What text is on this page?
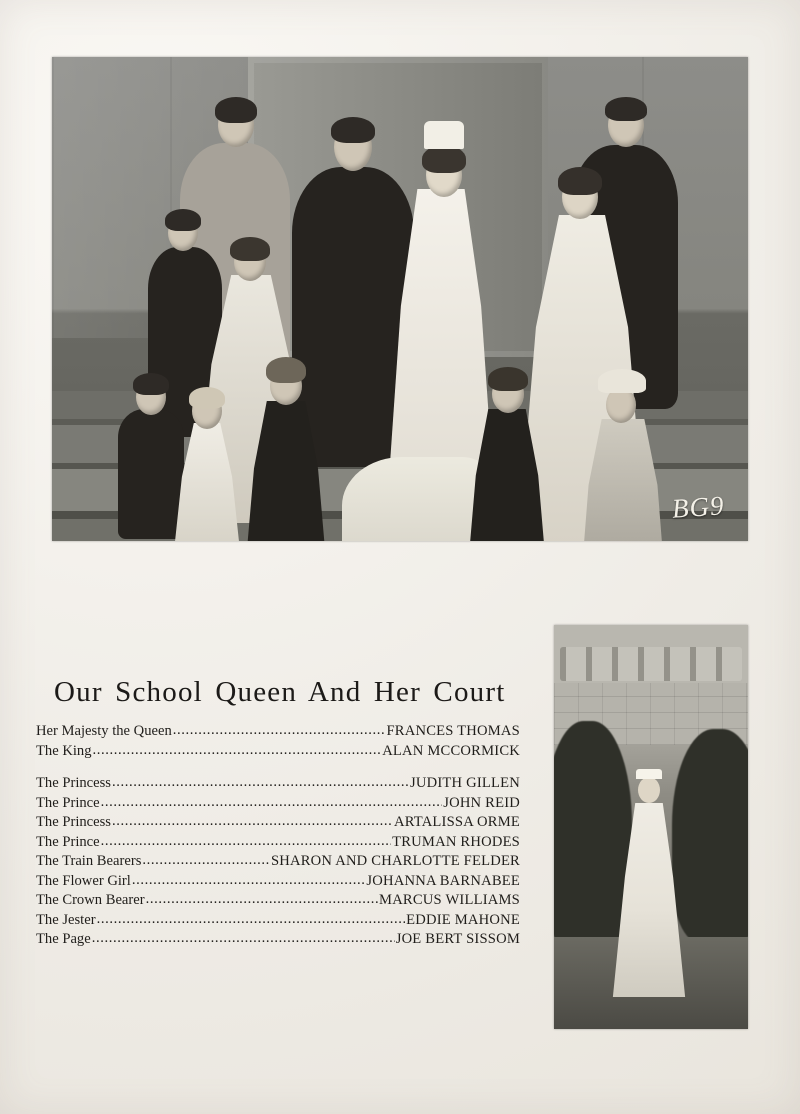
BG9
Our School Queen And Her Court
Her Majesty the Queen .....	FRANCES THOMAS
The King .....	ALAN MCCORMICK
The Princess .....	JUDITH GILLEN
The Prince .....	JOHN REID
The Princess .....	ARTALISSA ORME
The Prince .....	TRUMAN RHODES
The Train Bearers .....	SHARON AND CHARLOTTE FELDER
The Flower Girl .....	JOHANNA BARNABEE
The Crown Bearer .....	MARCUS WILLIAMS
The Jester .....	EDDIE MAHONE
The Page .....	JOE BERT SISSOM
